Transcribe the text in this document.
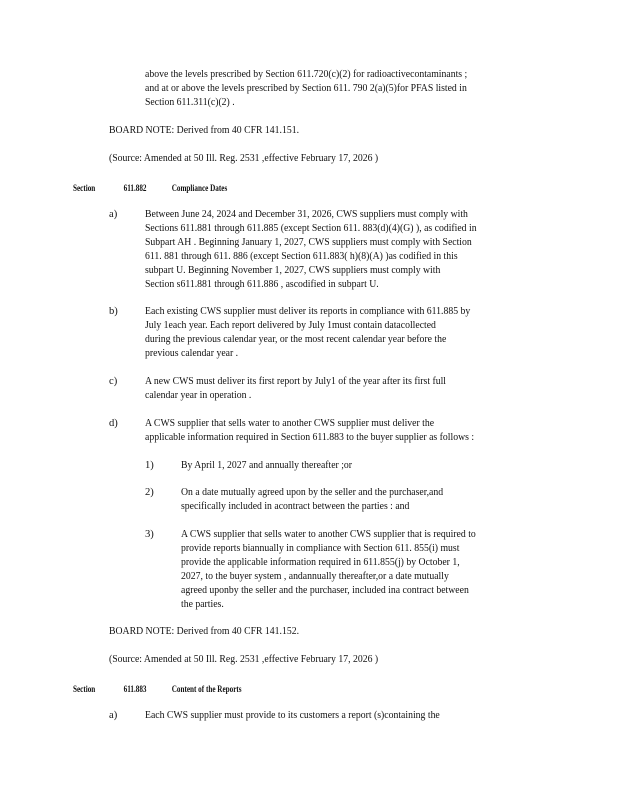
above the levels prescribed by Section 611.720(c)(2) for radioactivecontaminants ;
and at or above the levels prescribed by Section 611. 790 2(a)(5)for PFAS listed in
Section 611.311(c)(2) .
BOARD NOTE: Derived from 40 CFR 141.151.
(Source: Amended at 50 Ill. Reg. 2531 ,effective February 17, 2026 )
Section	611.882	Compliance Dates
a)	Between June 24, 2024 and December 31, 2026, CWS suppliers must comply with
Sections 611.881 through 611.885 (except Section 611. 883(d)(4)(G) ), as codified in
Subpart AH . Beginning January 1, 2027, CWS suppliers must comply with Section
611. 881 through 611. 886 (except Section 611.883( h)(8)(A) )as codified in this
subpart U. Beginning November 1, 2027, CWS suppliers must comply with
Section s611.881 through 611.886 , ascodified in subpart U.
b)	Each existing CWS supplier must deliver its reports in compliance with 611.885 by
July 1each year. Each report delivered by July 1must contain datacollected
during the previous calendar year, or the most recent calendar year before the
previous calendar year .
c)	A new CWS must deliver its first report by July1 of the year after its first full
calendar year in operation .
d)	A CWS supplier that sells water to another CWS supplier must deliver the
applicable information required in Section 611.883 to the buyer supplier as follows :
1)	By April 1, 2027 and annually thereafter ;or
2)	On a date mutually agreed upon by the seller and the purchaser,and
specifically included in acontract between the parties : and
3)	A CWS supplier that sells water to another CWS supplier that is required to
provide reports biannually in compliance with Section 611. 855(i) must
provide the applicable information required in 611.855(j) by October 1,
2027, to the buyer system , andannually thereafter,or a date mutually
agreed uponby the seller and the purchaser, included ina contract between
the parties.
BOARD NOTE: Derived from 40 CFR 141.152.
(Source: Amended at 50 Ill. Reg. 2531 ,effective February 17, 2026 )
Section	611.883	Content of the Reports
a)	Each CWS supplier must provide to its customers a report (s)containing the
